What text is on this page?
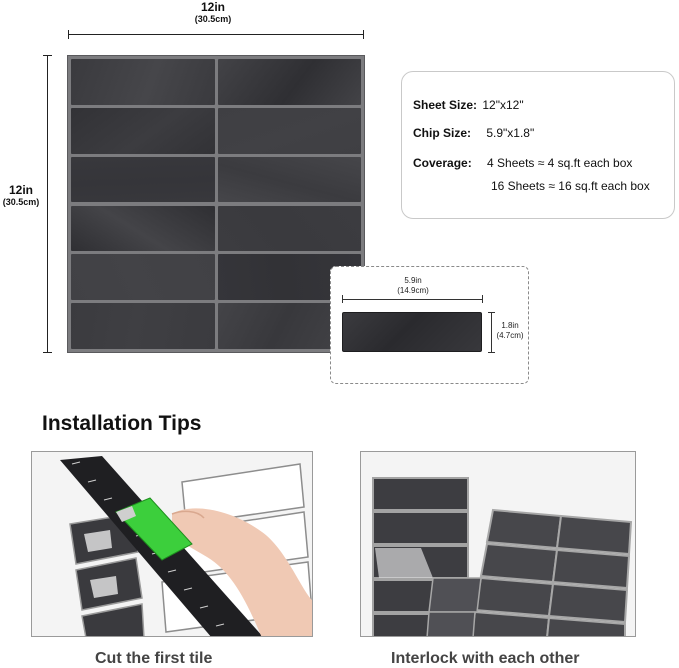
12in
(30.5cm)
12in
(30.5cm)
Sheet Size: 12"x12"
Chip Size: 5.9"x1.8"
Coverage: 4 Sheets ≈ 4 sq.ft each box
16 Sheets ≈ 16 sq.ft each box
5.9in
(14.9cm)
1.8in
(4.7cm)
Installation Tips
Cut the first tile	Interlock with each other
